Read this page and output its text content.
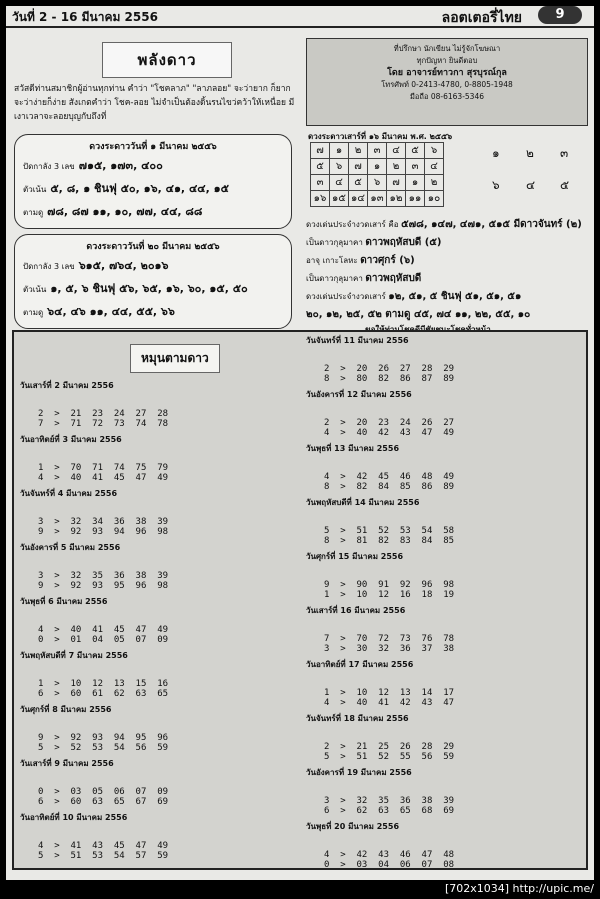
วันที่ 2 - 16 มีนาคม 2556	ลอตเตอรี่ไทย	9
พลังดาว
สวัสดีท่านสมาชิกผู้อ่านทุกท่าน คำว่า "โชคลาภ" "ลาภลอย" จะว่ายาก ก็ยาก จะว่าง่ายก็ง่าย สังเกตคำว่า โชค-ลอย ไม่จำเป็นต้องดิ้นรนไขว่คว้าให้เหนื่อย มีเงาเวลาจะลอยบุญกับถึงที่
ดวงระดาววันที่ ๑ มีนาคม ๒๕๕๖
ปัดกาลัง 3 เลข ๗๑๕, ๑๗๓, ๔๐๐
ตัวเน้น ๕, ๘, ๑ ชินฟุ ๕๐, ๑๖, ๔๑, ๔๔, ๑๕
ตามดู ๗๘, ๘๗ ๑๑, ๑๐, ๗๗, ๔๔, ๘๘
ดวงระดาววันที่ ๒๐ มีนาคม ๒๕๕๖
ปัดกาลัง 3 เลข ๖๑๕, ๗๖๔, ๒๐๑๖
ตัวเน้น ๑, ๕, ๖ ชินฟุ ๕๖, ๖๕, ๑๖, ๖๐, ๑๕, ๕๐
ตามดู ๖๔, ๔๖ ๑๑, ๔๔, ๕๕, ๖๖
ที่ปรึกษา นักเขียน ไม่รู้จักโฆษณา
ทุกปัญหา ยินดีตอบ
โดย อาจารย์ทาวกา สุรบุรณ์กุล
โทรศัพท์ 0-2413-4780, 0-8805-1948
มือถือ 08-6163-5346
ดวงระดาวเสาร์ที่ ๑๖ มีนาคม พ.ศ. ๒๕๕๖
๗	๑	๒	๓	๔	๕	๖
๕	๖	๗	๑	๒	๓	๔
๓	๔	๕	๖	๗	๑	๒
๑๖	๑๕	๑๔	๑๓	๑๒	๑๑	๑๐
๑ ๒ ๓
๖ ๔ ๕
ดวงเด่นประจำงวดเสาร์ คือ ๕๗๘, ๑๔๗, ๔๗๑, ๕๑๕ มีดาวจันทร์ (๒)
เป็นดาวกุลุมาคา ดาวพฤหัสบดี (๕)
อาจุ เกาะโลหะ ดาวศุกร์ (๖)
เป็นดาวกุลุมาคา ดาวพฤหัสบดี
ดวงเด่นประจำงวดเสาร์ ๑๒, ๕๑, ๕ ชินฟุ ๕๑, ๕๑, ๕๑
๒๐, ๑๒, ๒๕, ๕๒ ตามดู ๔๕, ๗๔ ๑๑, ๒๒, ๕๕, ๑๐
หมุนตามดาว
วันเสาร์ที่ 2 มีนาคม 2556
2  >  21  23  24  27  28
7  >  71  72  73  74  78
วันอาทิตย์ที่ 3 มีนาคม 2556
1  >  70  71  74  75  79
4  >  40  41  45  47  49
วันจันทร์ที่ 4 มีนาคม 2556
3  >  32  34  36  38  39
9  >  92  93  94  96  98
วันอังคารที่ 5 มีนาคม 2556
3  >  32  35  36  38  39
9  >  92  93  95  96  98
วันพุธที่ 6 มีนาคม 2556
4  >  40  41  45  47  49
0  >  01  04  05  07  09
วันพฤหัสบดีที่ 7 มีนาคม 2556
1  >  10  12  13  15  16
6  >  60  61  62  63  65
วันศุกร์ที่ 8 มีนาคม 2556
9  >  92  93  94  95  96
5  >  52  53  54  56  59
วันเสาร์ที่ 9 มีนาคม 2556
0  >  03  05  06  07  09
6  >  60  63  65  67  69
วันอาทิตย์ที่ 10 มีนาคม 2556
4  >  41  43  45  47  49
5  >  51  53  54  57  59
วันจันทร์ที่ 11 มีนาคม 2556
2  >  20  26  27  28  29
8  >  80  82  86  87  89
วันอังคารที่ 12 มีนาคม 2556
2  >  20  23  24  26  27
4  >  40  42  43  47  49
วันพุธที่ 13 มีนาคม 2556
4  >  42  45  46  48  49
8  >  82  84  85  86  89
วันพฤหัสบดีที่ 14 มีนาคม 2556
5  >  51  52  53  54  58
8  >  81  82  83  84  85
วันศุกร์ที่ 15 มีนาคม 2556
9  >  90  91  92  96  98
1  >  10  12  16  18  19
วันเสาร์ที่ 16 มีนาคม 2556
7  >  70  72  73  76  78
3  >  30  32  36  37  38
วันอาทิตย์ที่ 17 มีนาคม 2556
1  >  10  12  13  14  17
4  >  40  41  42  43  47
วันจันทร์ที่ 18 มีนาคม 2556
2  >  21  25  26  28  29
5  >  51  52  55  56  59
วันอังคารที่ 19 มีนาคม 2556
3  >  32  35  36  38  39
6  >  62  63  65  68  69
วันพุธที่ 20 มีนาคม 2556
4  >  42  43  46  47  48
0  >  03  04  06  07  08
[702x1034] http://upic.me/
